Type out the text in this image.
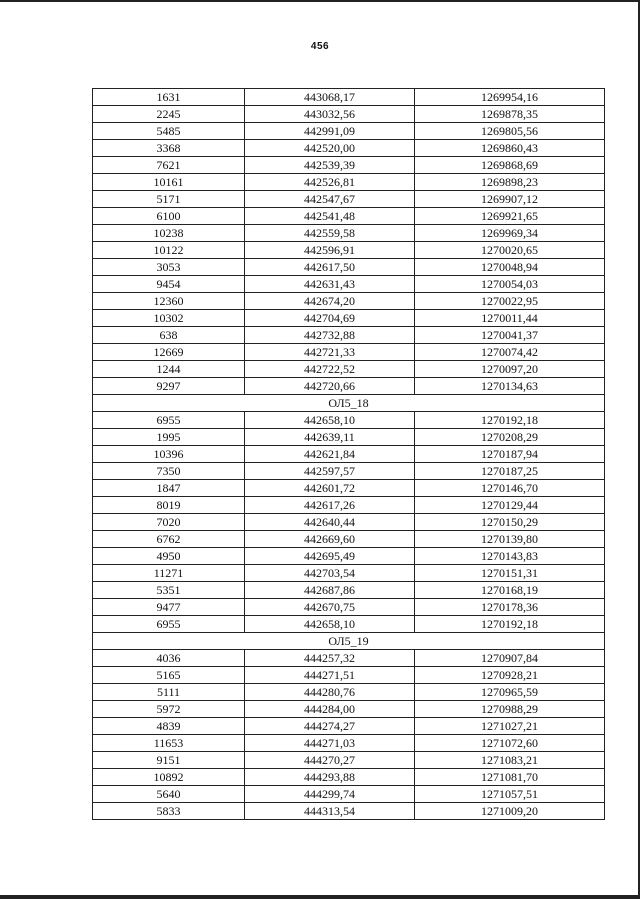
456
1631	443068,17	1269954,16
2245	443032,56	1269878,35
5485	442991,09	1269805,56
3368	442520,00	1269860,43
7621	442539,39	1269868,69
10161	442526,81	1269898,23
5171	442547,67	1269907,12
6100	442541,48	1269921,65
10238	442559,58	1269969,34
10122	442596,91	1270020,65
3053	442617,50	1270048,94
9454	442631,43	1270054,03
12360	442674,20	1270022,95
10302	442704,69	1270011,44
638	442732,88	1270041,37
12669	442721,33	1270074,42
1244	442722,52	1270097,20
9297	442720,66	1270134,63
ОЛ5_18		
6955	442658,10	1270192,18
1995	442639,11	1270208,29
10396	442621,84	1270187,94
7350	442597,57	1270187,25
1847	442601,72	1270146,70
8019	442617,26	1270129,44
7020	442640,44	1270150,29
6762	442669,60	1270139,80
4950	442695,49	1270143,83
11271	442703,54	1270151,31
5351	442687,86	1270168,19
9477	442670,75	1270178,36
6955	442658,10	1270192,18
ОЛ5_19		
4036	444257,32	1270907,84
5165	444271,51	1270928,21
5111	444280,76	1270965,59
5972	444284,00	1270988,29
4839	444274,27	1271027,21
11653	444271,03	1271072,60
9151	444270,27	1271083,21
10892	444293,88	1271081,70
5640	444299,74	1271057,51
5833	444313,54	1271009,20
